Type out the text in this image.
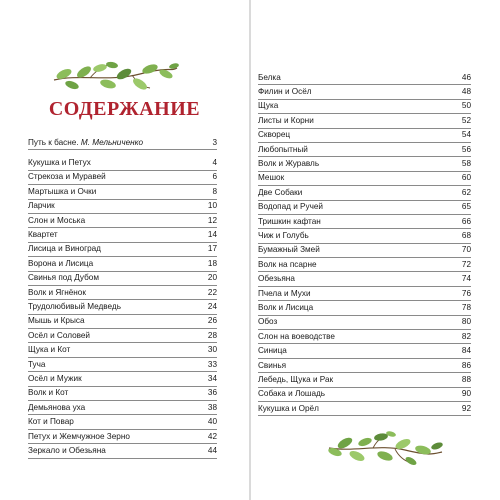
СОДЕРЖАНИЕ
Путь к басне. М. Мельниченко	3
Кукушка и Петух	4
Стрекоза и Муравей	6
Мартышка и Очки	8
Ларчик	10
Слон и Моська	12
Квартет	14
Лисица и Виноград	17
Ворона и Лисица	18
Свинья под Дубом	20
Волк и Ягнёнок	22
Трудолюбивый Медведь	24
Мышь и Крыса	26
Осёл и Соловей	28
Щука и Кот	30
Туча	33
Осёл и Мужик	34
Волк и Кот	36
Демьянова уха	38
Кот и Повар	40
Петух и Жемчужное Зерно	42
Зеркало и Обезьяна	44
Белка	46
Филин и Осёл	48
Щука	50
Листы и Корни	52
Скворец	54
Любопытный	56
Волк и Журавль	58
Мешок	60
Две Собаки	62
Водопад и Ручей	65
Тришкин кафтан	66
Чиж и Голубь	68
Бумажный Змей	70
Волк на псарне	72
Обезьяна	74
Пчела и Мухи	76
Волк и Лисица	78
Обоз	80
Слон на воеводстве	82
Синица	84
Свинья	86
Лебедь, Щука и Рак	88
Собака и Лошадь	90
Кукушка и Орёл	92
